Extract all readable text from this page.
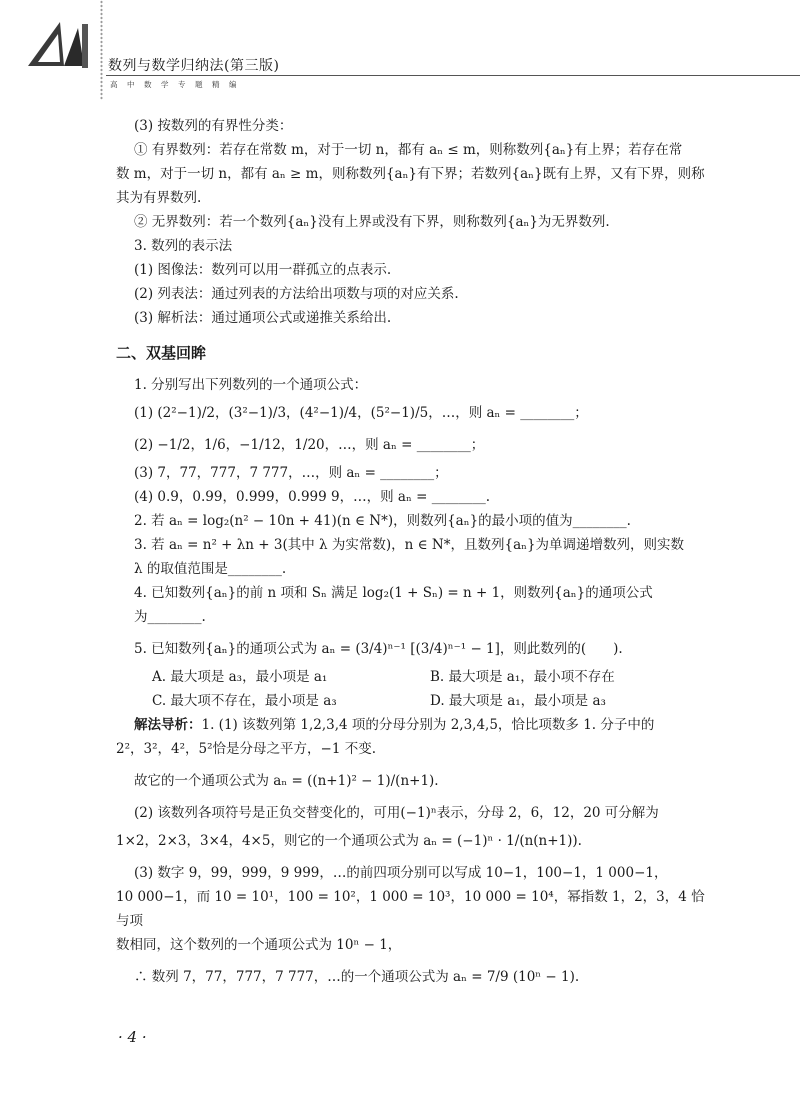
数列与数学归纳法(第三版)
高中数学专题精编

(3) 按数列的有界性分类：

① 有界数列：若存在常数 m，对于一切 n，都有 aₙ ≤ m，则称数列{aₙ}有上界；若存在常

数 m，对于一切 n，都有 aₙ ≥ m，则称数列{aₙ}有下界；若数列{aₙ}既有上界，又有下界，则称

其为有界数列.

② 无界数列：若一个数列{aₙ}没有上界或没有下界，则称数列{aₙ}为无界数列.

3. 数列的表示法

(1) 图像法：数列可以用一群孤立的点表示.

(2) 列表法：通过列表的方法给出项数与项的对应关系.

(3) 解析法：通过通项公式或递推关系给出.

二、双基回眸

1. 分别写出下列数列的一个通项公式：

(1) (2²−1)/2，(3²−1)/3，(4²−1)/4，(5²−1)/5，…，则 aₙ = ________；

(2) −1/2，1/6，−1/12，1/20，…，则 aₙ = ________；

(3) 7，77，777，7 777，…，则 aₙ = ________；

(4) 0.9，0.99，0.999，0.999 9，…，则 aₙ = ________.

2. 若 aₙ = log₂(n² − 10n + 41)(n ∈ N*)，则数列{aₙ}的最小项的值为________.

3. 若 aₙ = n² + λn + 3(其中 λ 为实常数)，n ∈ N*，且数列{aₙ}为单调递增数列，则实数

λ 的取值范围是________.

4. 已知数列{aₙ}的前 n 项和 Sₙ 满足 log₂(1 + Sₙ) = n + 1，则数列{aₙ}的通项公式

为________.

5. 已知数列{aₙ}的通项公式为 aₙ = (3/4)ⁿ⁻¹ [(3/4)ⁿ⁻¹ − 1]，则此数列的(　　).

A. 最大项是 a₃，最小项是 a₁	B. 最大项是 a₁，最小项不存在
C. 最大项不存在，最小项是 a₃	D. 最大项是 a₁，最小项是 a₃

解法导析：1. (1) 该数列第 1,2,3,4 项的分母分别为 2,3,4,5，恰比项数多 1. 分子中的

2²，3²，4²，5²恰是分母之平方，−1 不变.

故它的一个通项公式为 aₙ = ((n+1)² − 1)/(n+1).

(2) 该数列各项符号是正负交替变化的，可用(−1)ⁿ表示，分母 2，6，12，20 可分解为

1×2，2×3，3×4，4×5，则它的一个通项公式为 aₙ = (−1)ⁿ · 1/(n(n+1)).

(3) 数字 9，99，999，9 999，…的前四项分别可以写成 10−1，100−1，1 000−1，

10 000−1，而 10 = 10¹，100 = 10²，1 000 = 10³，10 000 = 10⁴，幂指数 1，2，3，4 恰与项

数相同，这个数列的一个通项公式为 10ⁿ − 1，

∴ 数列 7，77，777，7 777，…的一个通项公式为 aₙ = 7/9 (10ⁿ − 1).

· 4 ·
